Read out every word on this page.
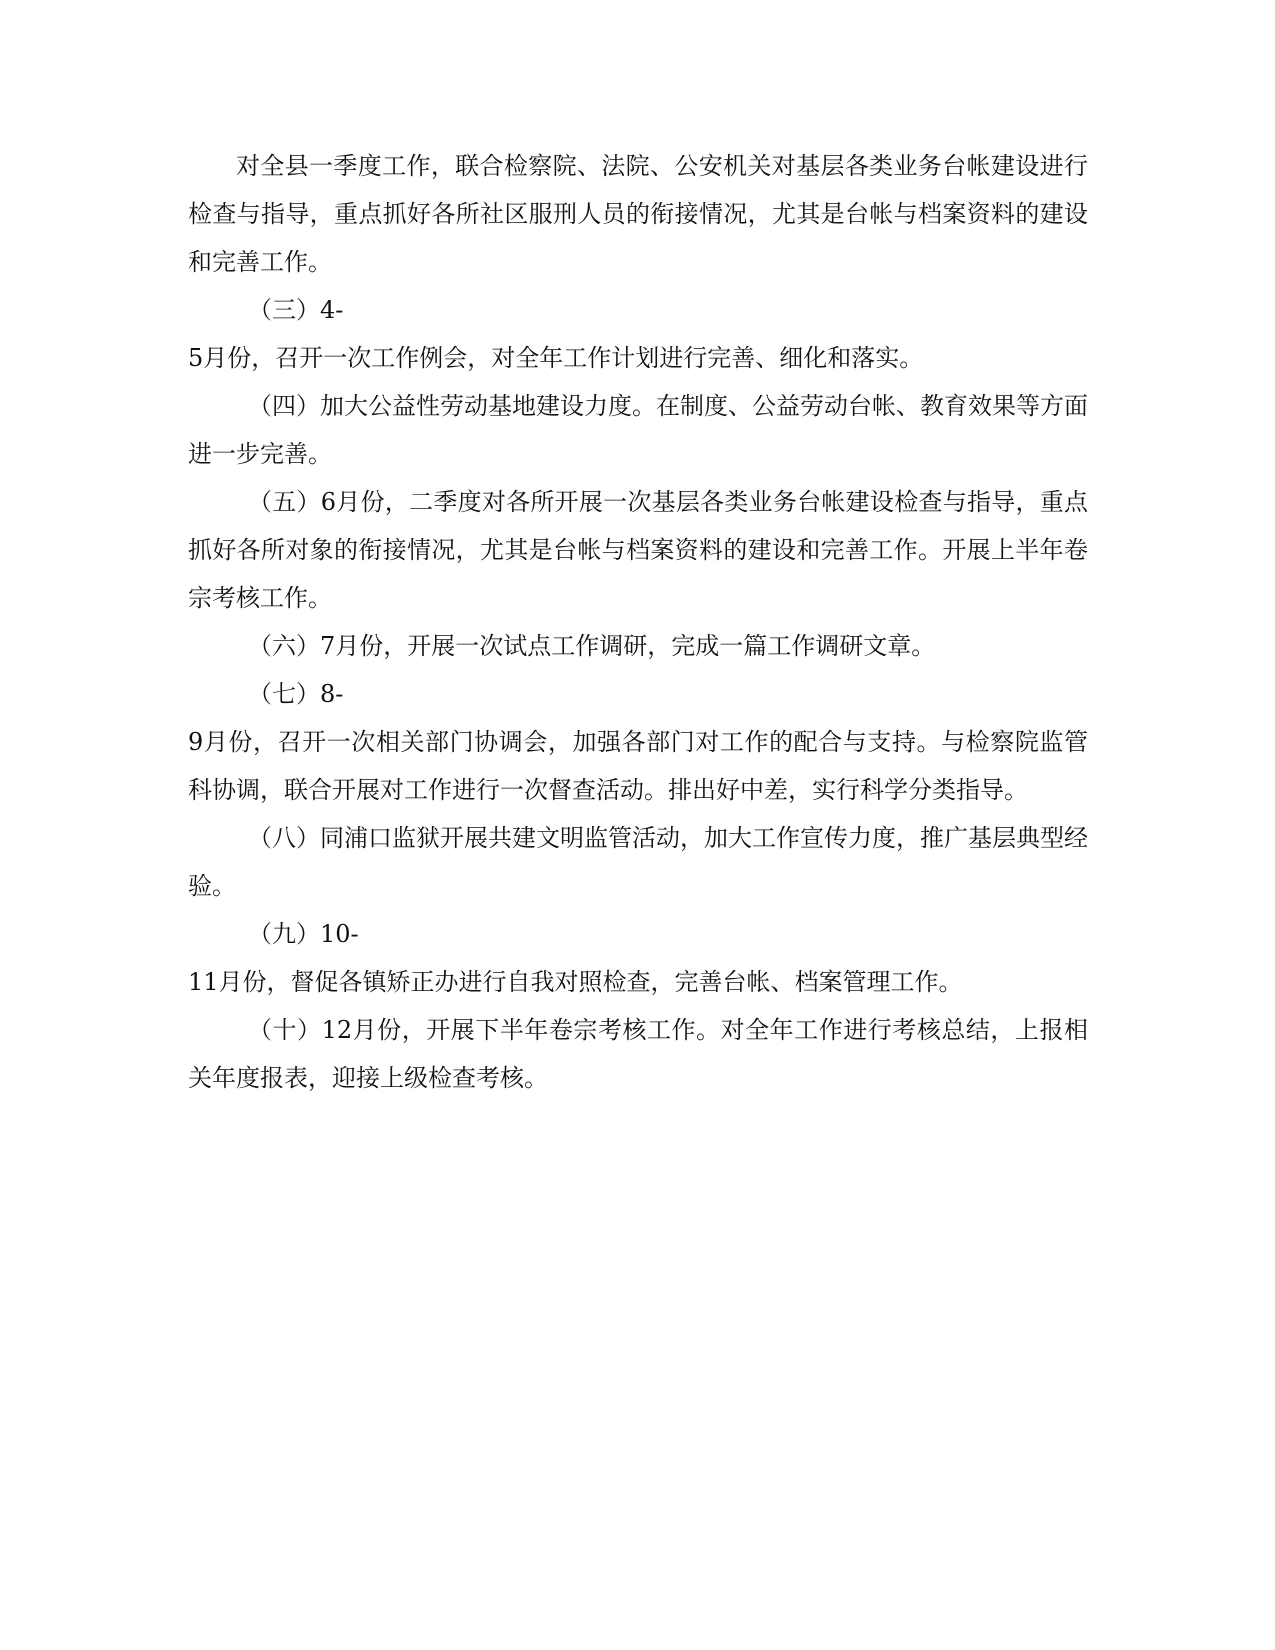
对全县一季度工作，联合检察院、法院、公安机关对基层各类业务台帐建设进行检查与指导，重点抓好各所社区服刑人员的衔接情况，尤其是台帐与档案资料的建设和完善工作。

（三）4-

5月份，召开一次工作例会，对全年工作计划进行完善、细化和落实。

（四）加大公益性劳动基地建设力度。在制度、公益劳动台帐、教育效果等方面进一步完善。

（五）6月份，二季度对各所开展一次基层各类业务台帐建设检查与指导，重点抓好各所对象的衔接情况，尤其是台帐与档案资料的建设和完善工作。开展上半年卷宗考核工作。

（六）7月份，开展一次试点工作调研，完成一篇工作调研文章。

（七）8-

9月份，召开一次相关部门协调会，加强各部门对工作的配合与支持。与检察院监管科协调，联合开展对工作进行一次督查活动。排出好中差，实行科学分类指导。

（八）同浦口监狱开展共建文明监管活动，加大工作宣传力度，推广基层典型经验。

（九）10-

11月份，督促各镇矫正办进行自我对照检查，完善台帐、档案管理工作。

（十）12月份，开展下半年卷宗考核工作。对全年工作进行考核总结，上报相关年度报表，迎接上级检查考核。
